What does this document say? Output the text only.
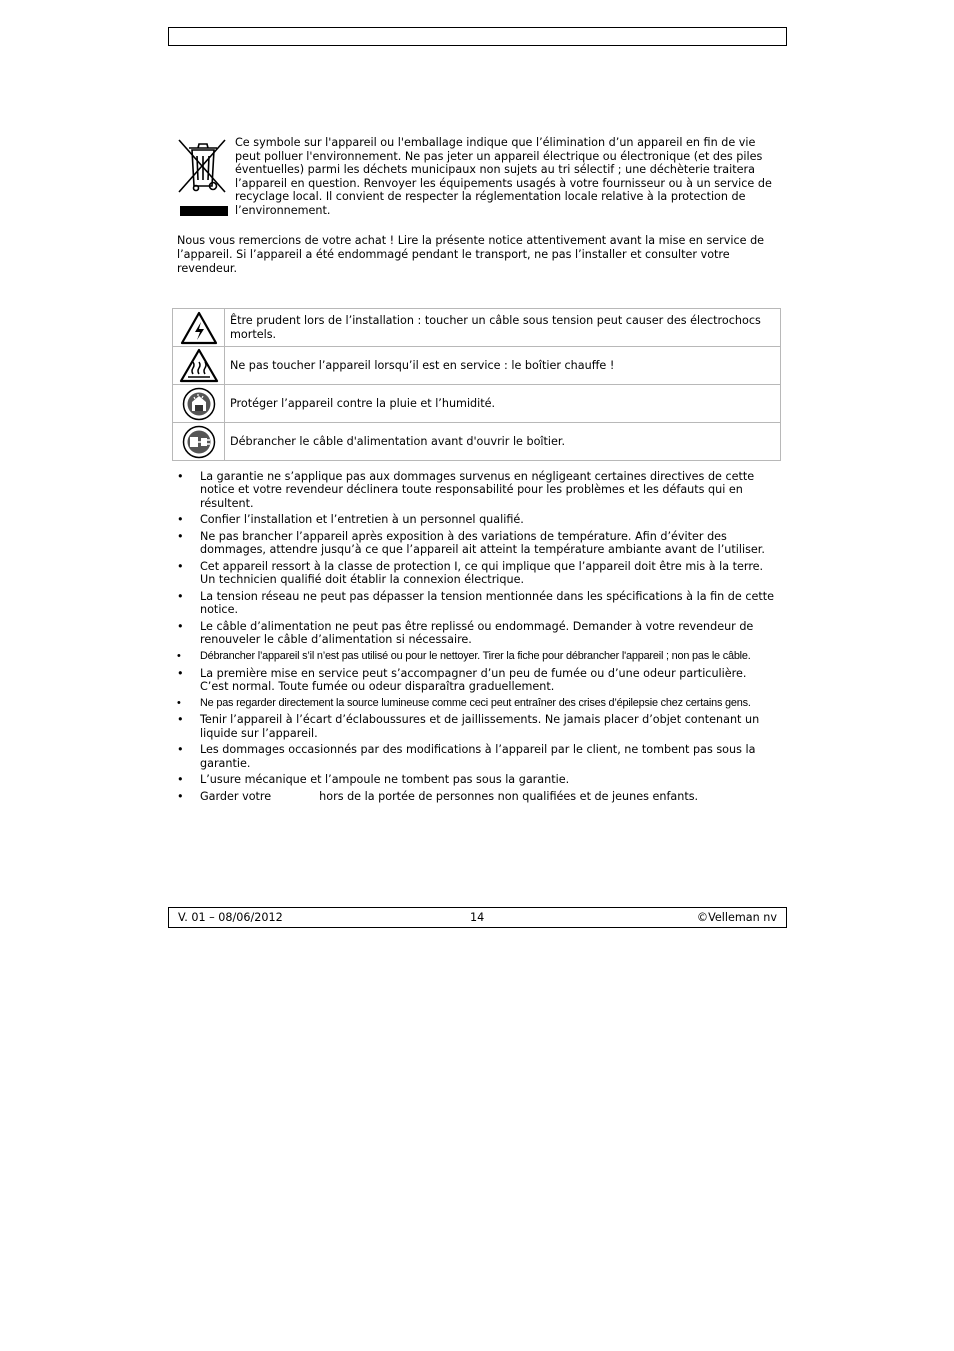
Ce symbole sur l'appareil ou l'emballage indique que l’élimination d’un appareil en fin de vie peut polluer l'environnement. Ne pas jeter un appareil électrique ou électronique (et des piles éventuelles) parmi les déchets municipaux non sujets au tri sélectif ; une déchèterie traitera l’appareil en question. Renvoyer les équipements usagés à votre fournisseur ou à un service de recyclage local. Il convient de respecter la réglementation locale relative à la protection de l’environnement.
Nous vous remercions de votre achat ! Lire la présente notice attentivement avant la mise en service de l’appareil. Si l’appareil a été endommagé pendant le transport, ne pas l’installer et consulter votre revendeur.
	Être prudent lors de l’installation : toucher un câble sous tension peut causer des électrochocs mortels.

	Ne pas toucher l’appareil lorsqu’il est en service : le boîtier chauffe !

	Protéger l’appareil contre la pluie et l’humidité.

	Débrancher le câble d'alimentation avant d'ouvrir le boîtier.
• La garantie ne s’applique pas aux dommages survenus en négligeant certaines directives de cette notice et votre revendeur déclinera toute responsabilité pour les problèmes et les défauts qui en résultent.
• Confier l’installation et l’entretien à un personnel qualifié.
• Ne pas brancher l’appareil après exposition à des variations de température. Afin d’éviter des dommages, attendre jusqu’à ce que l’appareil ait atteint la température ambiante avant de l’utiliser.
• Cet appareil ressort à la classe de protection I, ce qui implique que l’appareil doit être mis à la terre. Un technicien qualifié doit établir la connexion électrique.
• La tension réseau ne peut pas dépasser la tension mentionnée dans les spécifications à la fin de cette notice.
• Le câble d’alimentation ne peut pas être replissé ou endommagé. Demander à votre revendeur de renouveler le câble d’alimentation si nécessaire.
• Débrancher l’appareil s’il n’est pas utilisé ou pour le nettoyer. Tirer la fiche pour débrancher l'appareil ; non pas le câble.
• La première mise en service peut s’accompagner d’un peu de fumée ou d’une odeur particulière. C’est normal. Toute fumée ou odeur disparaîtra graduellement.
• Ne pas regarder directement la source lumineuse comme ceci peut entraîner des crises d’épilepsie chez certains gens.
• Tenir l’appareil à l’écart d’éclaboussures et de jaillissements. Ne jamais placer d’objet contenant un liquide sur l’appareil.
• Les dommages occasionnés par des modifications à l’appareil par le client, ne tombent pas sous la garantie.
• L’usure mécanique et l’ampoule ne tombent pas sous la garantie.
• Garder votre	hors de la portée de personnes non qualifiées et de jeunes enfants.
V. 01 – 08/06/2012	14	©Velleman nv
